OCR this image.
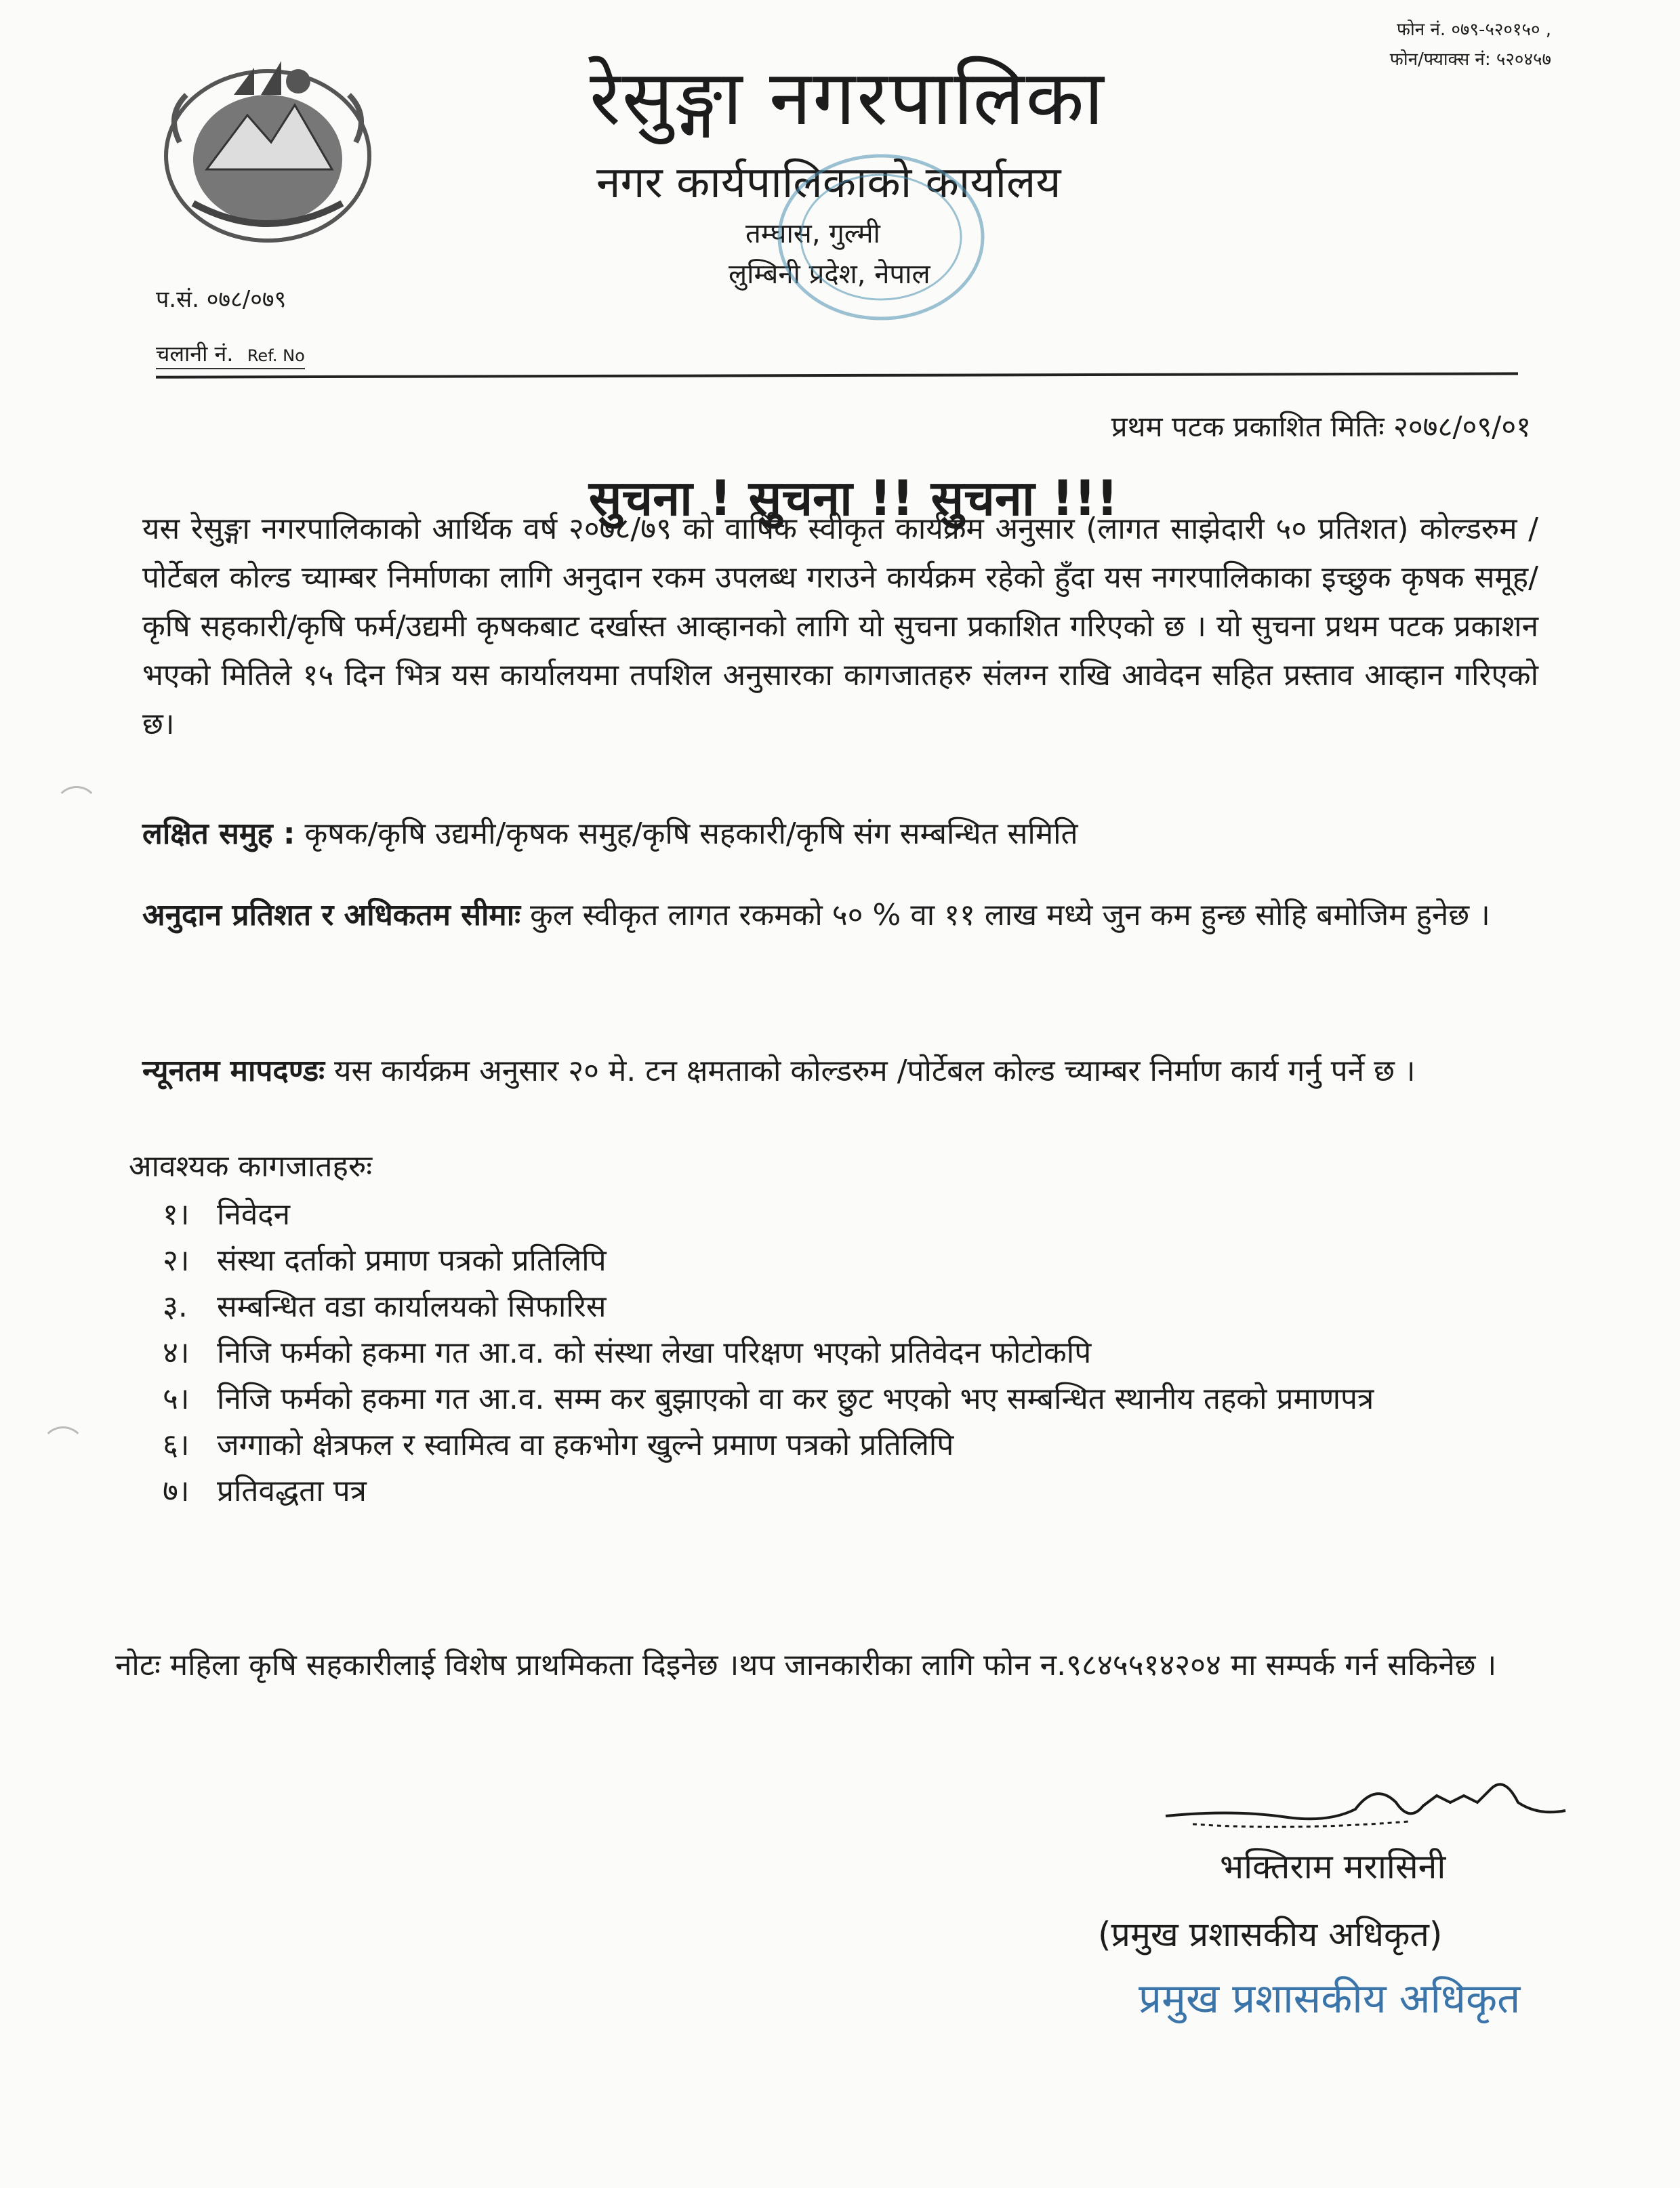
फोन नं. ०७९-५२०१५० ,
फोन/फ्याक्स नं: ५२०४५७
रेसुङ्गा नगरपालिका
नगर कार्यपालिकाको कार्यालय
तम्घास, गुल्मी
लुम्बिनी प्रदेश, नेपाल
प.सं. ०७८/०७९
चलानी नं. Ref. No
प्रथम पटक प्रकाशित मितिः २०७८/०९/०१
सुचना ! सुचना !! सुचना !!!
यस रेसुङ्गा नगरपालिकाको आर्थिक वर्ष २०७८/७९ को वार्षिक स्वीकृत कार्यक्रम अनुसार (लागत साझेदारी ५० प्रतिशत) कोल्डरुम /पोर्टेबल कोल्ड च्याम्बर निर्माणका लागि अनुदान रकम उपलब्ध गराउने कार्यक्रम रहेको हुँदा यस नगरपालिकाका इच्छुक कृषक समूह/कृषि सहकारी/कृषि फर्म/उद्यमी कृषकबाट दर्खास्त आव्हानको लागि यो सुचना प्रकाशित गरिएको छ । यो सुचना प्रथम पटक प्रकाशन भएको मितिले १५ दिन भित्र यस कार्यालयमा तपशिल अनुसारका कागजातहरु संलग्न राखि आवेदन सहित प्रस्ताव आव्हान गरिएको छ।
लक्षित समुह : कृषक/कृषि उद्यमी/कृषक समुह/कृषि सहकारी/कृषि संग सम्बन्धित समिति
अनुदान प्रतिशत र अधिकतम सीमाः कुल स्वीकृत लागत रकमको ५० % वा ११ लाख मध्ये जुन कम हुन्छ सोहि बमोजिम हुनेछ ।
न्यूनतम मापदण्डः यस कार्यक्रम अनुसार २० मे. टन क्षमताको कोल्डरुम /पोर्टेबल कोल्ड च्याम्बर निर्माण कार्य गर्नु पर्ने छ ।
आवश्यक कागजातहरुः
१। निवेदन
२। संस्था दर्ताको प्रमाण पत्रको प्रतिलिपि
३. सम्बन्धित वडा कार्यालयको सिफारिस
४। निजि फर्मको हकमा गत आ.व. को संस्था लेखा परिक्षण भएको प्रतिवेदन फोटोकपि
५। निजि फर्मको हकमा गत आ.व. सम्म कर बुझाएको वा कर छुट भएको भए सम्बन्धित स्थानीय तहको प्रमाणपत्र
६। जग्गाको क्षेत्रफल र स्वामित्व वा हकभोग खुल्ने प्रमाण पत्रको प्रतिलिपि
७। प्रतिवद्धता पत्र
नोटः महिला कृषि सहकारीलाई विशेष प्राथमिकता दिइनेछ ।थप जानकारीका लागि फोन न.९८४५५१४२०४ मा सम्पर्क गर्न सकिनेछ ।
भक्तिराम मरासिनी
(प्रमुख प्रशासकीय अधिकृत)
प्रमुख प्रशासकीय अधिकृत
